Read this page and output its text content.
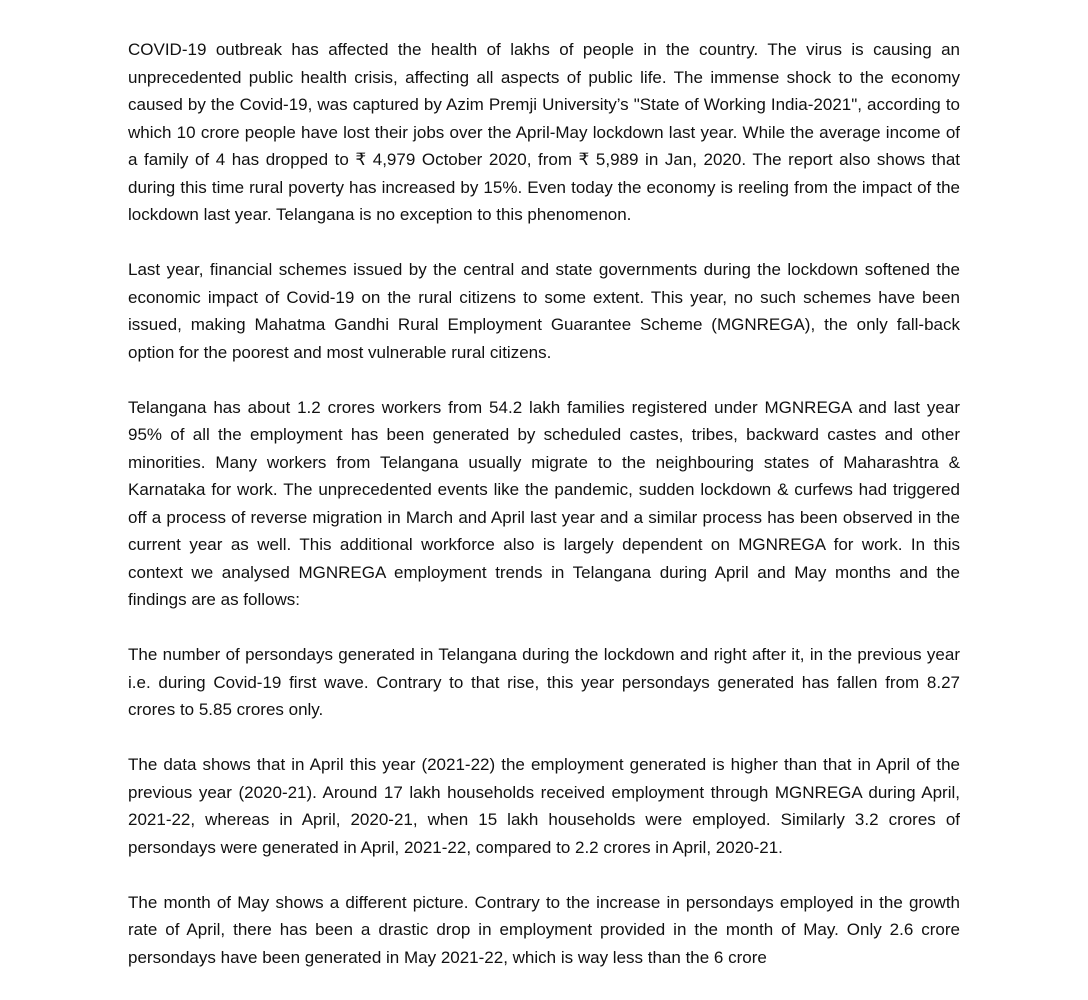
COVID-19 outbreak has affected the health of lakhs of people in the country. The virus is causing an unprecedented public health crisis, affecting all aspects of public life. The immense shock to the economy caused by the Covid-19, was captured by Azim Premji University’s "State of Working India-2021", according to which 10 crore people have lost their jobs over the April-May lockdown last year. While the average income of a family of 4 has dropped to ₹ 4,979 October 2020, from ₹ 5,989 in Jan, 2020. The report also shows that during this time rural poverty has increased by 15%. Even today the economy is reeling from the impact of the lockdown last year. Telangana is no exception to this phenomenon.

Last year, financial schemes issued by the central and state governments during the lockdown softened the economic impact of Covid-19 on the rural citizens to some extent. This year, no such schemes have been issued, making Mahatma Gandhi Rural Employment Guarantee Scheme (MGNREGA), the only fall-back option for the poorest and most vulnerable rural citizens.

Telangana has about 1.2 crores workers from 54.2 lakh families registered under MGNREGA and last year 95% of all the employment has been generated by scheduled castes, tribes, backward castes and other minorities. Many workers from Telangana usually migrate to the neighbouring states of Maharashtra & Karnataka for work. The unprecedented events like the pandemic, sudden lockdown & curfews had triggered off a process of reverse migration in March and April last year and a similar process has been observed in the current year as well. This additional workforce also is largely dependent on MGNREGA for work. In this context we analysed MGNREGA employment trends in Telangana during April and May months and the findings are as follows:

The number of persondays generated in Telangana during the lockdown and right after it, in the previous year i.e. during Covid-19 first wave. Contrary to that rise, this year persondays generated has fallen from 8.27 crores to 5.85 crores only.

The data shows that in April this year (2021-22) the employment generated is higher than that in April of the previous year (2020-21). Around 17 lakh households received employment through MGNREGA during April, 2021-22, whereas in April, 2020-21, when 15 lakh households were employed. Similarly 3.2 crores of persondays were generated in April, 2021-22, compared to 2.2 crores in April, 2020-21.

The month of May shows a different picture. Contrary to the increase in persondays employed in the growth rate of April, there has been a drastic drop in employment provided in the month of May. Only 2.6 crore persondays have been generated in May 2021-22, which is way less than the 6 crore
